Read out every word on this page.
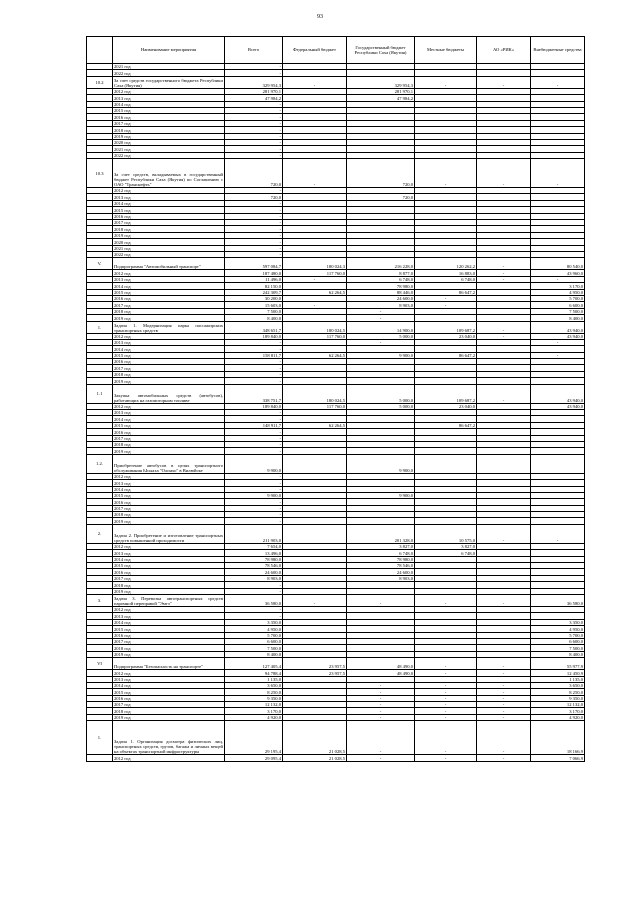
93
	Наименование мероприятия	Всего	Федеральный бюджет	Государственный бюджет Республики Саха (Якутия)	Местные бюджеты	АО «РИК»	Внебюджетные средства
	2021 год	-					
	2022 год	-					
10.2	За счет средств государственного бюджета Республики Саха (Якутия)	329 954,3	-	329 954,3	-	-	-
	2012 год	281 970,1		281 970,1			
	2013 год	47 984,2		47 984,2			
	2014 год	-					
	2015 год	-					
	2016 год	-					
	2017 год	-					
	2018 год	-					
	2019 год	-					
	2020 год	-					
	2021 год	-					
	2022 год	-					
10.3	За счет средств, вкладываемых в государственный бюджет Республики Саха (Якутия) по Соглашению с ОАО "Транснефть"	720,0	-	720,0	-	-	-
	2012 год	-					
	2013 год	720,0		720,0			
	2014 год	-					
	2015 год	-					
	2016 год	-					
	2017 год	-					
	2018 год	-					
	2019 год	-					
	2020 год	-					
	2021 год	-					
	2022 год	-					
V.	Подпрограмма "Автомобильный транспорт"	597 084,7	180 024,3	216 228,0	120 262,2	-	80 540,0
	2012 год	187 480,0	117 760,0	8 877,0	16 883,0	-	43 960,0
	2013 год	11 496,0	-	6 748,0	6 748,0	-	-
	2014 год	82 150,0		78 980,0			3 170,0
	2015 год	242 309,7	62 264,5	88 446,0	86 647,2		4 950,0
	2016 год	30 200,0		24 600,0	-		5 700,0
	2017 год	15 603,0	-	8 903,0	-		6 600,0
	2018 год	7 500,0		-			7 500,0
	2019 год	8 400,0		-			8 400,0
1.	Задача 1. Модернизация парка пассажирских транспортных средств	348 651,7	180 024,5	14 900,0	109 687,2	-	43 940,0
	2012 год	189 840,0	117 760,0	5 000,0	23 040,0	-	43 940,0
	2013 год	-		-			-
	2014 год	-					
	2015 год	158 811,7	62 264,5	9 900,0	86 647,2		-
	2016 год	-					
	2017 год	-					
	2018 год	-					
	2019 год	-					
1.1	Закупка автомобильных средств (автобусов), работающих на газомоторном топливе	338 751,7	180 024,5	5 000,0	109 687,2	-	43 940,0
	2012 год	189 840,0	117 760,0	5 000,0	23 040,0		43 940,0
	2013 год	-					
	2014 год	-					
	2015 год	148 911,7	62 264,5		86 647,2		
	2016 год	-					
	2017 год	-					
	2018 год	-					
	2019 год	-					
1.2.	Приобретение автобусов в целях транспортного обслуживания Ысыаха "Олонхо" в Вилюйске	9 900,0		9 900,0			
	2012 год	-					
	2013 год	-					
	2014 год	-					
	2015 год	9 900,0		9 900,0			
	2016 год	-					
	2017 год	-					
	2018 год	-					
	2019 год	-					
2.	Задача 2. Приобретение и изготовление транспортных средств повышенной проходимости	211 903,0		201 328,0	10 575,0	-	-
	2012 год	7 654,0		3 827,0	3 827,0		
	2013 год	13 496,0		6 748,0	6 748,0		
	2014 год	78 980,0		78 980,0			
	2015 год	78 546,0		78 546,0			
	2016 год	24 600,0		24 600,0			
	2017 год	8 903,0		8 903,0			
	2018 год	-					
	2019 год	-					
3.	Задача 3. Перевозка автотранспортных средств паромной переправой "Эмтэ"	36 580,0	-	-	-	-	36 580,0
	2012 год	-					
	2013 год	-					
	2014 год	3 350,0					3 350,0
	2015 год	4 950,0					4 950,0
	2016 год	5 700,0					5 700,0
	2017 год	6 600,0					6 600,0
	2018 год	7 500,0					7 500,0
	2019 год	8 400,0					8 400,0
VI	Подпрограмма "Безопасность на транспорте"	127 405,4	23 957,5	48 490,0	-	-	55 977,9
	2012 год	94 788,4	23 957,5	48 490,0	-	-	12 450,9
	2013 год	1 135,0					1 135,0
	2014 год	3 650,0		-	-	-	3 650,0
	2015 год	8 250,0		-	-	-	8 250,0
	2016 год	9 350,0		-	-	-	9 350,0
	2017 год	12 132,0		-	-	-	12 132,0
	2018 год	3 170,0		-	-	-	3 170,0
	2019 год	4 920,0		-	-	-	4 920,0
1.	Задача 1. Организация досмотра физических лиц, транспортных средств, грузов, багажа и личных вещей на объектах транспортной инфраструктуры	29 195,4	21 028,5	-	-	-	18 166,9
	2012 год	29 095,4	21 028,5	-	-	-	7 066,9
